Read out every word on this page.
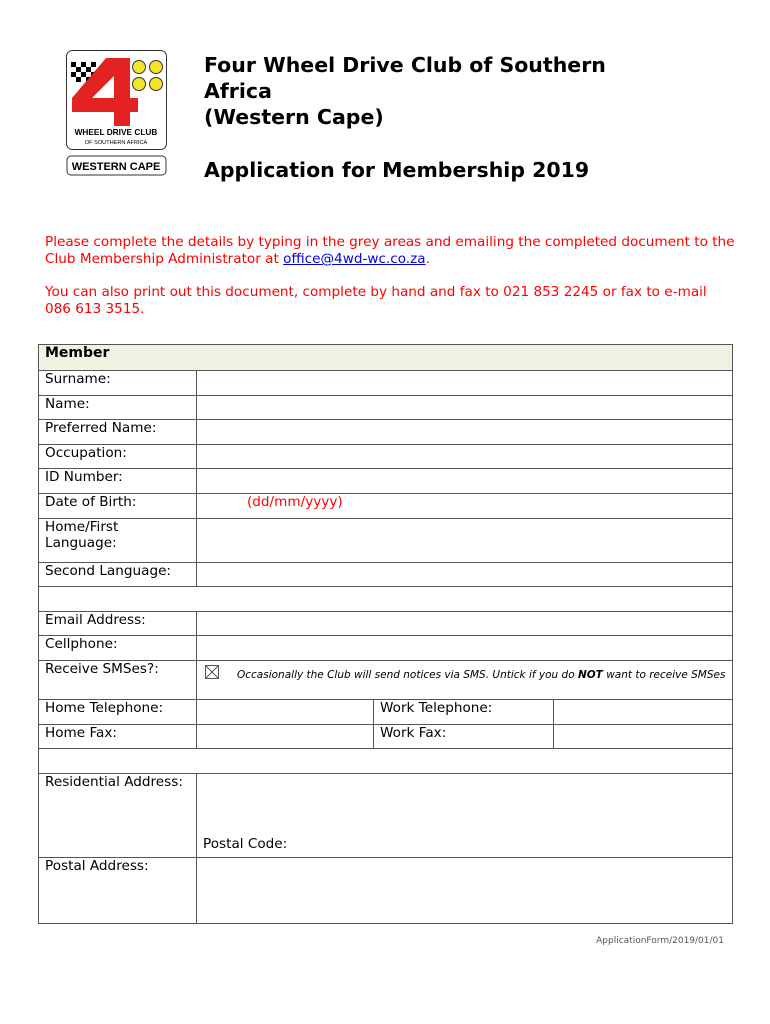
WHEEL DRIVE CLUB
OF SOUTHERN AFRICA
WESTERN CAPE

Four Wheel Drive Club of Southern
Africa
(Western Cape)

Application for Membership 2019

Please complete the details by typing in the grey areas and emailing the completed document to the Club Membership Administrator at office@4wd-wc.co.za.
You can also print out this document, complete by hand and fax to 021 853 2245 or fax to e-mail 086 613 3515.
Member			
Surname:			
Name:			
Preferred Name:			
Occupation:			
ID Number:			
Date of Birth:	(dd/mm/yyyy)		
Home/First Language:			
Second Language:			

Email Address:			
Cellphone:			
Receive SMSes?:	Occasionally the Club will send notices via SMS. Untick if you do NOT want to receive SMSes		
Home Telephone:		Work Telephone:	
Home Fax:		Work Fax:	

Residential Address:	Postal Code:		
Postal Address:			
ApplicationForm/2019/01/01
